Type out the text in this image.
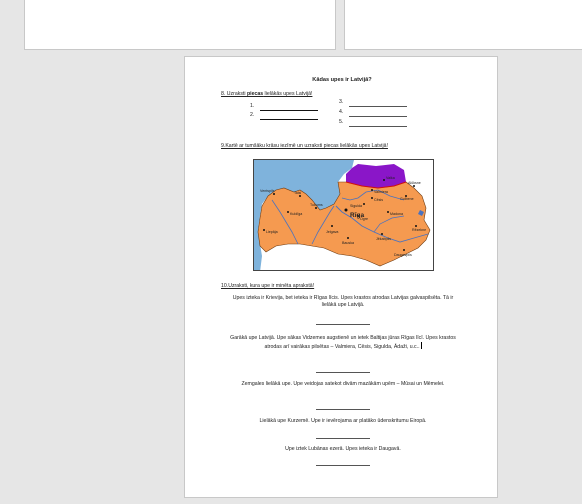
Kādas upes ir Latvijā?
8. Uzraksti piecas lielākās upes Latvijā!
1.
2.
3.
4.
5.
9.Kartē ar tumšāku krāsu iezīmē un uzraksti piecas lielākās upes Latvijā!
Rīga
Ventspils
Liepāja
Kuldīga
Jelgava
Bauska
Valmiera
Valka
Cēsis
Sigulda
Madona
Rēzekne
Daugavpils
Jēkabpils
Ogre
Talsi
Tukums
Gulbene
Alūksne
10.Uzraksti, kura upe ir minēta aprakstā!
Upes izteka ir Krievija, bet ieteka ir Rīgas līcis. Upes krastos atrodas Latvijas galvaspilsēta. Tā ir lielākā upe Latvijā.
Garākā upe Latvijā. Upe sākas Vidzemes augstienē un ietek Baltijas jūras Rīgas līcī. Upes krastos atrodas arī vairākas pilsētas – Valmiera, Cēsis, Sigulda, Ādaži, u.c..
Zemgales lielākā upe. Upe veidojas satekot divām mazākām upēm – Mūsai un Mēmelei.
Lielākā upe Kurzemē. Upe ir ievērojama ar platāko ūdenskritumu Eiropā.
Upe iztek Lubānas ezerā. Upes ieteka ir Daugavā.
